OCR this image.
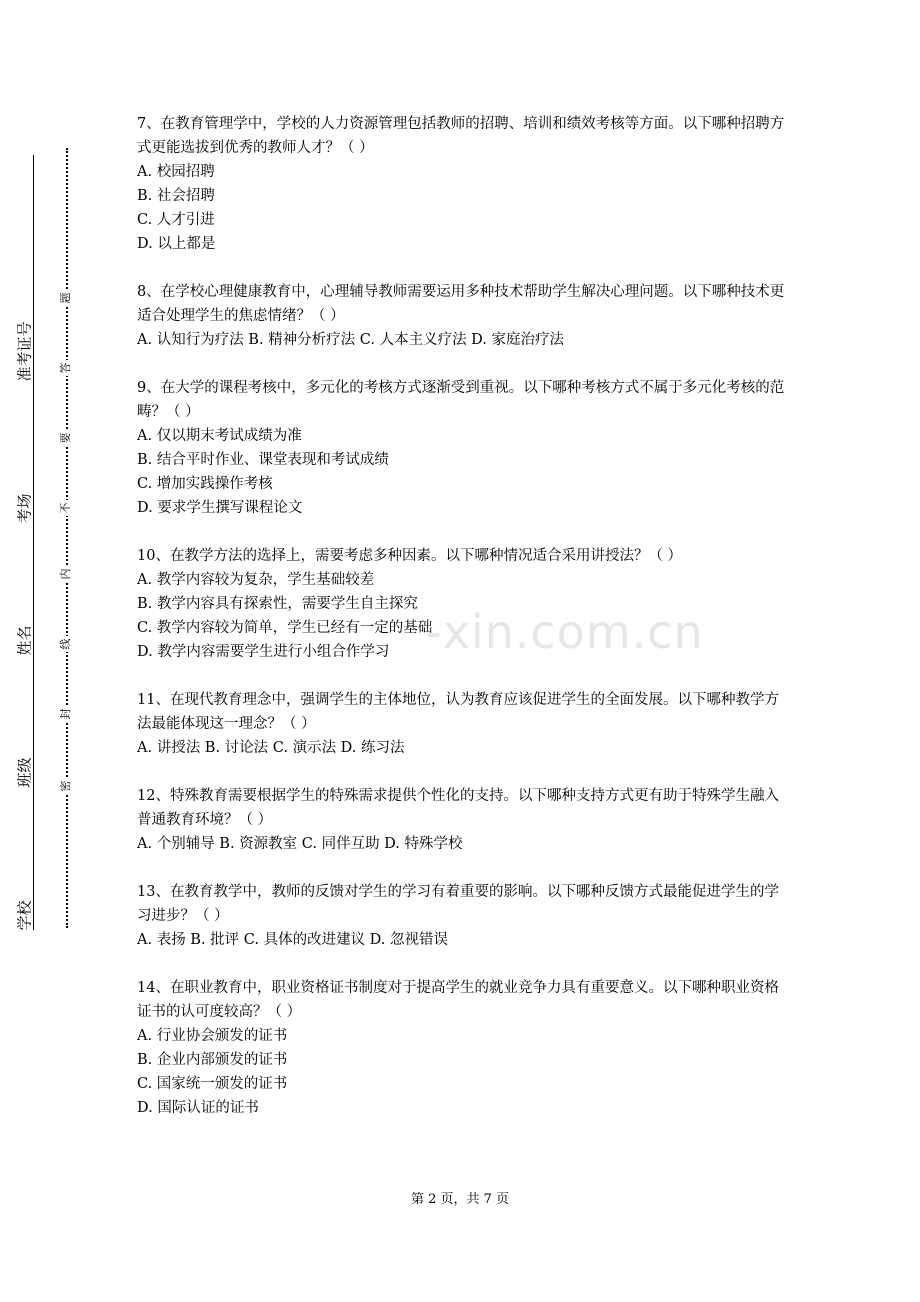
学校
班级
姓名
考场
准考证号
密
封
线
内
不
要
答
题

7、在教育管理学中，学校的人力资源管理包括教师的招聘、培训和绩效考核等方面。以下哪种招聘方式更能选拔到优秀的教师人才？（ ）

A. 校园招聘

B. 社会招聘

C. 人才引进

D. 以上都是

8、在学校心理健康教育中，心理辅导教师需要运用多种技术帮助学生解决心理问题。以下哪种技术更适合处理学生的焦虑情绪？（ ）

A. 认知行为疗法 B. 精神分析疗法 C. 人本主义疗法 D. 家庭治疗法

9、在大学的课程考核中，多元化的考核方式逐渐受到重视。以下哪种考核方式不属于多元化考核的范畴？（ ）

A. 仅以期末考试成绩为准

B. 结合平时作业、课堂表现和考试成绩

C. 增加实践操作考核

D. 要求学生撰写课程论文

10、在教学方法的选择上，需要考虑多种因素。以下哪种情况适合采用讲授法？（ ）

A. 教学内容较为复杂，学生基础较差

B. 教学内容具有探索性，需要学生自主探究

C. 教学内容较为简单，学生已经有一定的基础

D. 教学内容需要学生进行小组合作学习

11、在现代教育理念中，强调学生的主体地位，认为教育应该促进学生的全面发展。以下哪种教学方法最能体现这一理念？（ ）

A. 讲授法 B. 讨论法 C. 演示法 D. 练习法

12、特殊教育需要根据学生的特殊需求提供个性化的支持。以下哪种支持方式更有助于特殊学生融入普通教育环境？（ ）

A. 个别辅导 B. 资源教室 C. 同伴互助 D. 特殊学校

13、在教育教学中，教师的反馈对学生的学习有着重要的影响。以下哪种反馈方式最能促进学生的学习进步？（ ）

A. 表扬 B. 批评 C. 具体的改进建议 D. 忽视错误

14、在职业教育中，职业资格证书制度对于提高学生的就业竞争力具有重要意义。以下哪种职业资格证书的认可度较高？（ ）

A. 行业协会颁发的证书

B. 企业内部颁发的证书

C. 国家统一颁发的证书

D. 国际认证的证书

-xin.com.cn
第 2 页，共 7 页
